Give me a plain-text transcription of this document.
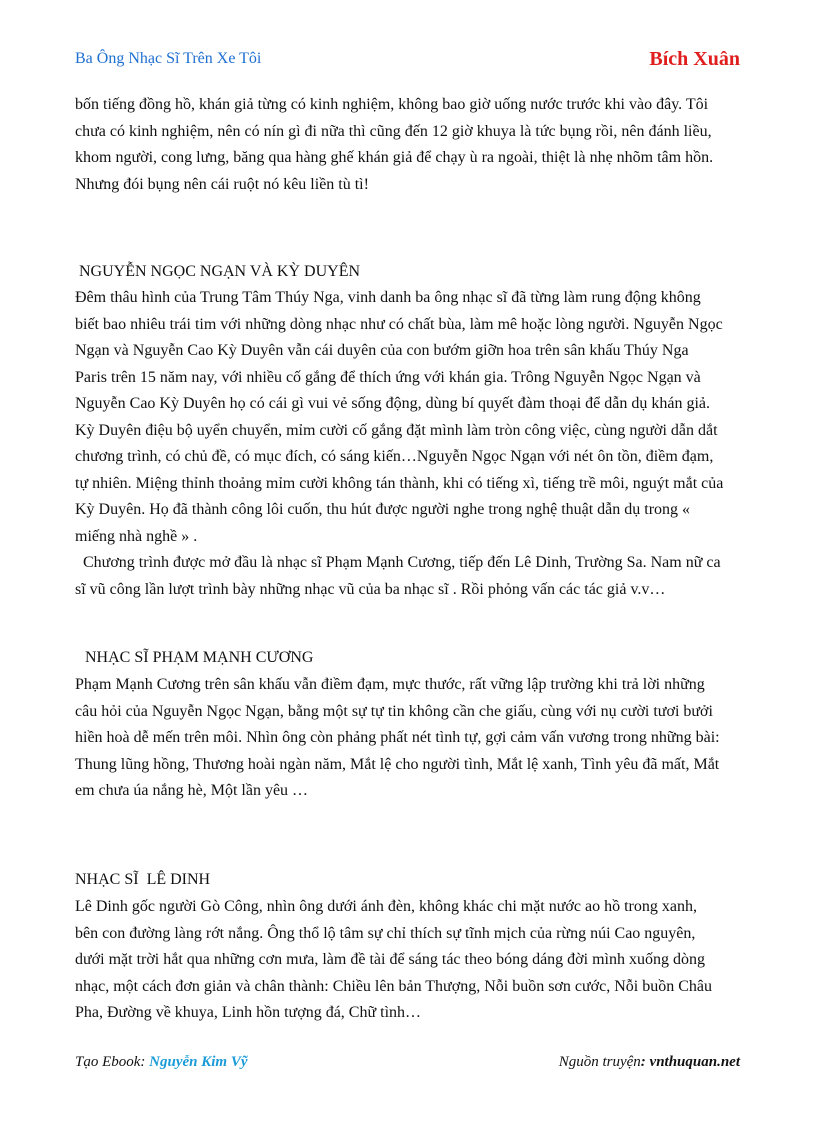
Ba Ông Nhạc Sĩ Trên Xe Tôi	Bích Xuân
bốn tiếng đồng hồ, khán giả từng có kinh nghiệm, không bao giờ uống nước trước khi vào đây. Tôi
chưa có kinh nghiệm, nên có nín gì đi nữa thì cũng đến 12 giờ khuya là tức bụng rồi, nên đánh liều,
khom người, cong lưng, băng qua hàng ghế khán giả để chạy ù ra ngoài, thiệt là nhẹ nhõm tâm hồn.
Nhưng đói bụng nên cái ruột nó kêu liền tù tì!
NGUYỄN NGỌC NGẠN VÀ KỲ DUYÊN
Đêm thâu hình của Trung Tâm Thúy Nga, vinh danh ba ông nhạc sĩ đã từng làm rung động không
biết bao nhiêu trái tim với những dòng nhạc như có chất bùa, làm mê hoặc lòng người. Nguyễn Ngọc
Ngạn và Nguyễn Cao Kỳ Duyên vẫn cái duyên của con bướm giỡn hoa trên sân khấu Thúy Nga
Paris trên 15 năm nay, với nhiều cố gắng để thích ứng với khán gia. Trông Nguyễn Ngọc Ngạn và
Nguyễn Cao Kỳ Duyên họ có cái gì vui vẻ sống động, dùng bí quyết đàm thoại để dẫn dụ khán giả.
Kỳ Duyên điệu bộ uyển chuyển, mỉm cười cố gắng đặt mình làm tròn công việc, cùng người dẫn dắt
chương trình, có chủ đề, có mục đích, có sáng kiến…Nguyễn Ngọc Ngạn với nét ôn tồn, điềm đạm,
tự nhiên. Miệng thỉnh thoảng mỉm cười không tán thành, khi có tiếng xì, tiếng trề môi, nguýt mắt của
Kỳ Duyên. Họ đã thành công lôi cuốn, thu hút được người nghe trong nghệ thuật dẫn dụ trong «
miếng nhà nghề » .
Chương trình được mở đầu là nhạc sĩ Phạm Mạnh Cương, tiếp đến Lê Dinh, Trường Sa. Nam nữ ca
sĩ vũ công lần lượt trình bày những nhạc vũ của ba nhạc sĩ . Rồi phỏng vấn các tác giả v.v…
NHẠC SĨ PHẠM MẠNH CƯƠNG
Phạm Mạnh Cương trên sân khấu vẫn điềm đạm, mực thước, rất vững lập trường khi trả lời những
câu hỏi của Nguyễn Ngọc Ngạn, bằng một sự tự tin không cần che giấu, cùng với nụ cười tươi bưởi
hiền hoà dễ mến trên môi. Nhìn ông còn phảng phất nét tình tự, gợi cảm vấn vương trong những bài:
Thung lũng hồng, Thương hoài ngàn năm, Mắt lệ cho người tình, Mắt lệ xanh, Tình yêu đã mất, Mắt
em chưa úa nắng hè, Một lần yêu …
NHẠC SĨ  LÊ DINH
Lê Dinh gốc người Gò Công, nhìn ông dưới ánh đèn, không khác chi mặt nước ao hồ trong xanh,
bên con đường làng rớt nắng. Ông thổ lộ tâm sự chỉ thích sự tĩnh mịch của rừng núi Cao nguyên,
dưới mặt trời hắt qua những cơn mưa, làm đề tài để sáng tác theo bóng dáng đời mình xuống dòng
nhạc, một cách đơn giản và chân thành: Chiều lên bản Thượng, Nỗi buồn sơn cước, Nỗi buồn Châu
Pha, Đường về khuya, Linh hồn tượng đá, Chữ tình…
Tạo Ebook: Nguyễn Kim Vỹ	Nguồn truyện: vnthuquan.net
